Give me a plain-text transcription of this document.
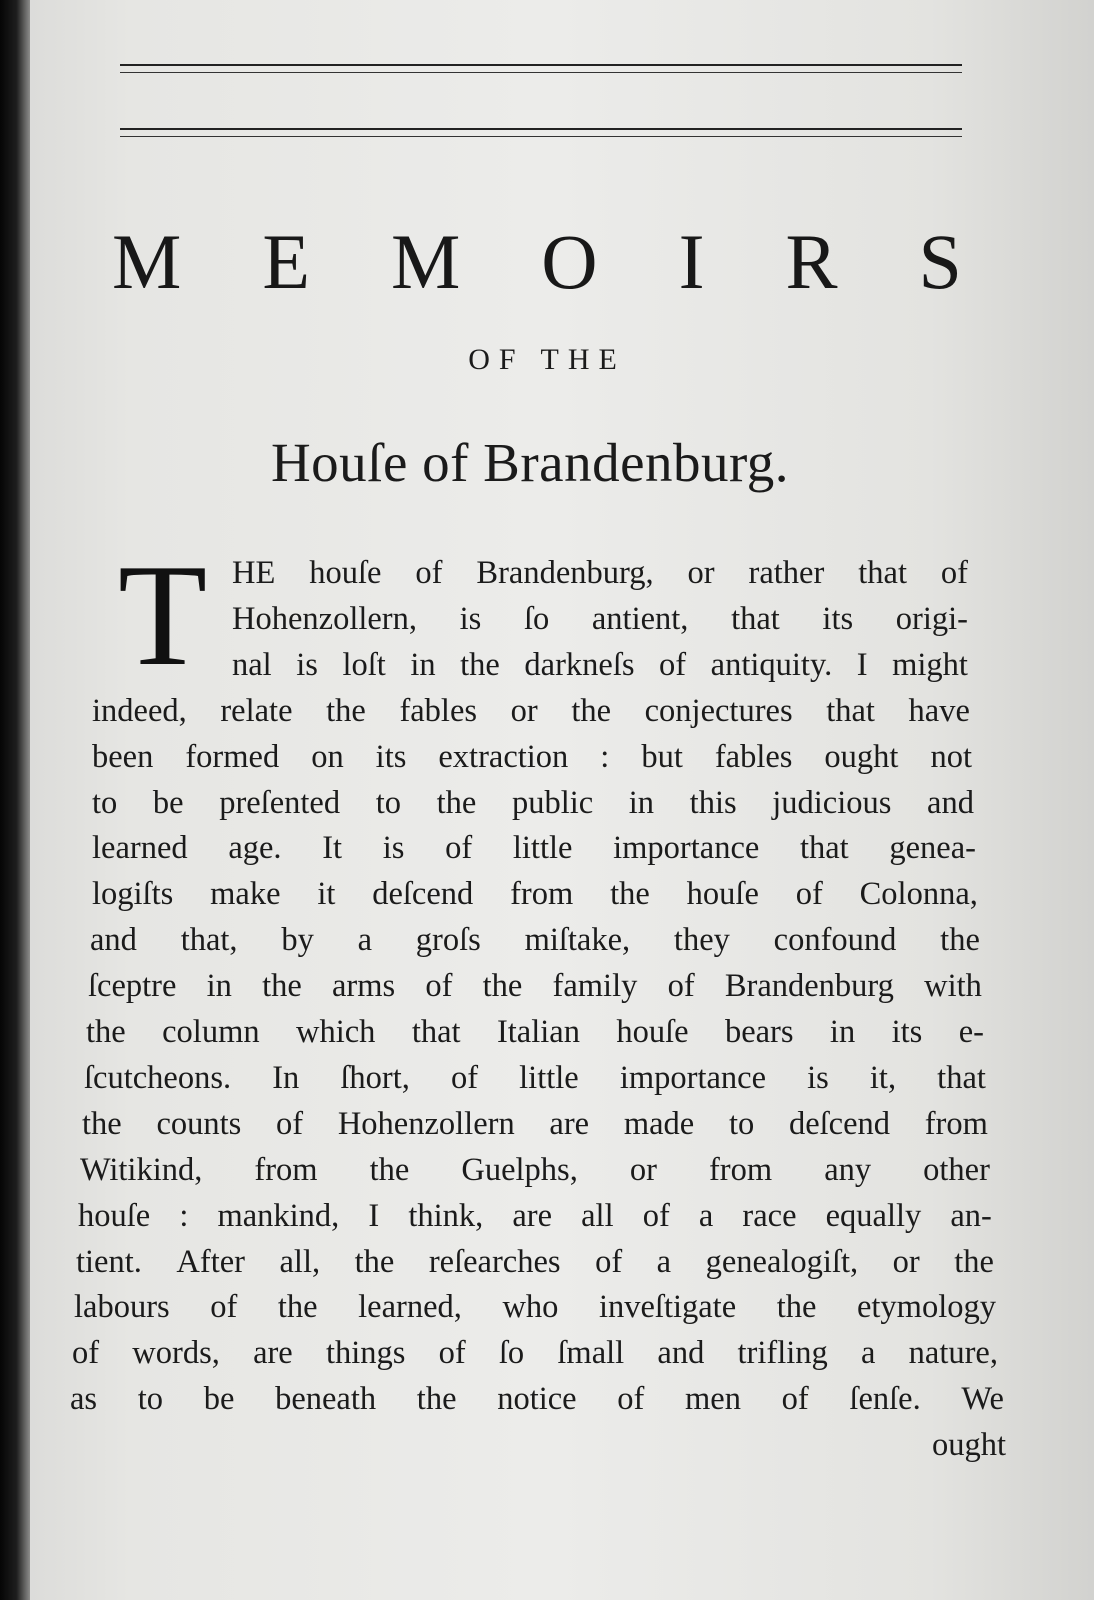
M E M O I R S
OF THE
Houſe of Brandenburg.
T HE houſe of Brandenburg, or rather that of
Hohenzollern, is ſo antient, that its origi-
nal is loſt in the darkneſs of antiquity. I might
indeed, relate the fables or the conjectures that have
been formed on its extraction : but fables ought not
to be preſented to the public in this judicious and
learned age. It is of little importance that genea-
logiſts make it deſcend from the houſe of Colonna,
and that, by a groſs miſtake, they confound the
ſceptre in the arms of the family of Brandenburg with
the column which that Italian houſe bears in its e-
ſcutcheons. In ſhort, of little importance is it, that
the counts of Hohenzollern are made to deſcend from
Witikind, from the Guelphs, or from any other
houſe : mankind, I think, are all of a race equally an-
tient. After all, the reſearches of a genealogiſt, or the
labours of the learned, who inveſtigate the etymology
of words, are things of ſo ſmall and trifling a nature,
as to be beneath the notice of men of ſenſe. We
ought
